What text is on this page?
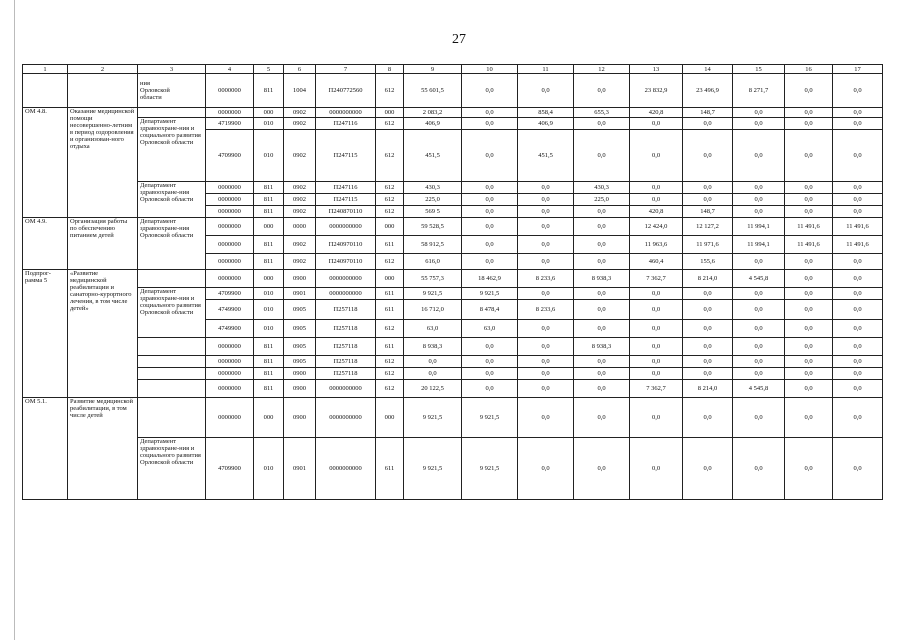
27
1	2	3	4	5	6	7	8	9	10	11	12	13	14	15	16	17
		ния
Орловской
области	0000000	811	1004	П240772560	612	55 601,5	0,0	0,0	0,0	23 832,9	23 496,9	8 271,7	0,0	0,0
ОМ 4.8.	Оказание медицинской помощи несовершенно-летним в период оздоровления и организован-ного отдыха		0000000	000	0902	0000000000	000	2 083,2	0,0	858,4	655,3	420,8	148,7	0,0	0,0	0,0
		Департамент здравоохране-ния и социального развития Орловской области	4719900	010	0902	П247116	612	406,9	0,0	406,9	0,0	0,0	0,0	0,0	0,0	0,0
			4709900	010	0902	П247115	612	451,5	0,0	451,5	0,0	0,0	0,0	0,0	0,0	0,0
		Департамент здравоохране-ния Орловской области	0000000	811	0902	П247116	612	430,3	0,0	0,0	430,3	0,0	0,0	0,0	0,0	0,0
			0000000	811	0902	П247115	612	225,0	0,0	0,0	225,0	0,0	0,0	0,0	0,0	0,0
			0000000	811	0902	П240870110	612	569 5	0,0	0,0	0,0	420,8	148,7	0,0	0,0	0,0
ОМ 4.9.	Организация работы по обеспечению питанием детей	Департамент здравоохране-ния Орловской области	0000000	000	0000	0000000000	000	59 528,5	0,0	0,0	0,0	12 424,0	12 127,2	11 994,1	11 491,6	11 491,6
			0000000	811	0902	П240970110	611	58 912,5	0,0	0,0	0,0	11 963,6	11 971,6	11 994,1	11 491,6	11 491,6
			0000000	811	0902	П240970110	612	616,0	0,0	0,0	0,0	460,4	155,6	0,0	0,0	0,0
Подпрог-рамма 5	«Развитие медицинской реабилитации и санаторно-курортного лечения, в том числе детей»		0000000	000	0900	0000000000	000	55 757,3	18 462,9	8 233,6	8 938,3	7 362,7	8 214,0	4 545,8	0,0	0,0
		Департамент здравоохране-ния и социального развития Орловской области	4709900	010	0901	0000000000	611	9 921,5	9 921,5	0,0	0,0	0,0	0,0	0,0	0,0	0,0
			4749900	010	0905	П257118	611	16 712,0	8 478,4	8 233,6	0,0	0,0	0,0	0,0	0,0	0,0
			4749900	010	0905	П257118	612	63,0	63,0	0,0	0,0	0,0	0,0	0,0	0,0	0,0
			0000000	811	0905	П257118	611	8 938,3	0,0	0,0	8 938,3	0,0	0,0	0,0	0,0	0,0
			0000000	811	0905	П257118	612	0,0	0,0	0,0	0,0	0,0	0,0	0,0	0,0	0,0
			0000000	811	0900	П257118	612	0,0	0,0	0,0	0,0	0,0	0,0	0,0	0,0	0,0
			0000000	811	0900	0000000000	612	20 122,5	0,0	0,0	0,0	7 362,7	8 214,0	4 545,8	0,0	0,0
ОМ 5.1.	Развитие медицинской реабилитации, в том числе детей		0000000	000	0900	0000000000	000	9 921,5	9 921,5	0,0	0,0	0,0	0,0	0,0	0,0	0,0
		Департамент здравоохране-ния и социального развития Орловской области	4709900	010	0901	0000000000	611	9 921,5	9 921,5	0,0	0,0	0,0	0,0	0,0	0,0	0,0
